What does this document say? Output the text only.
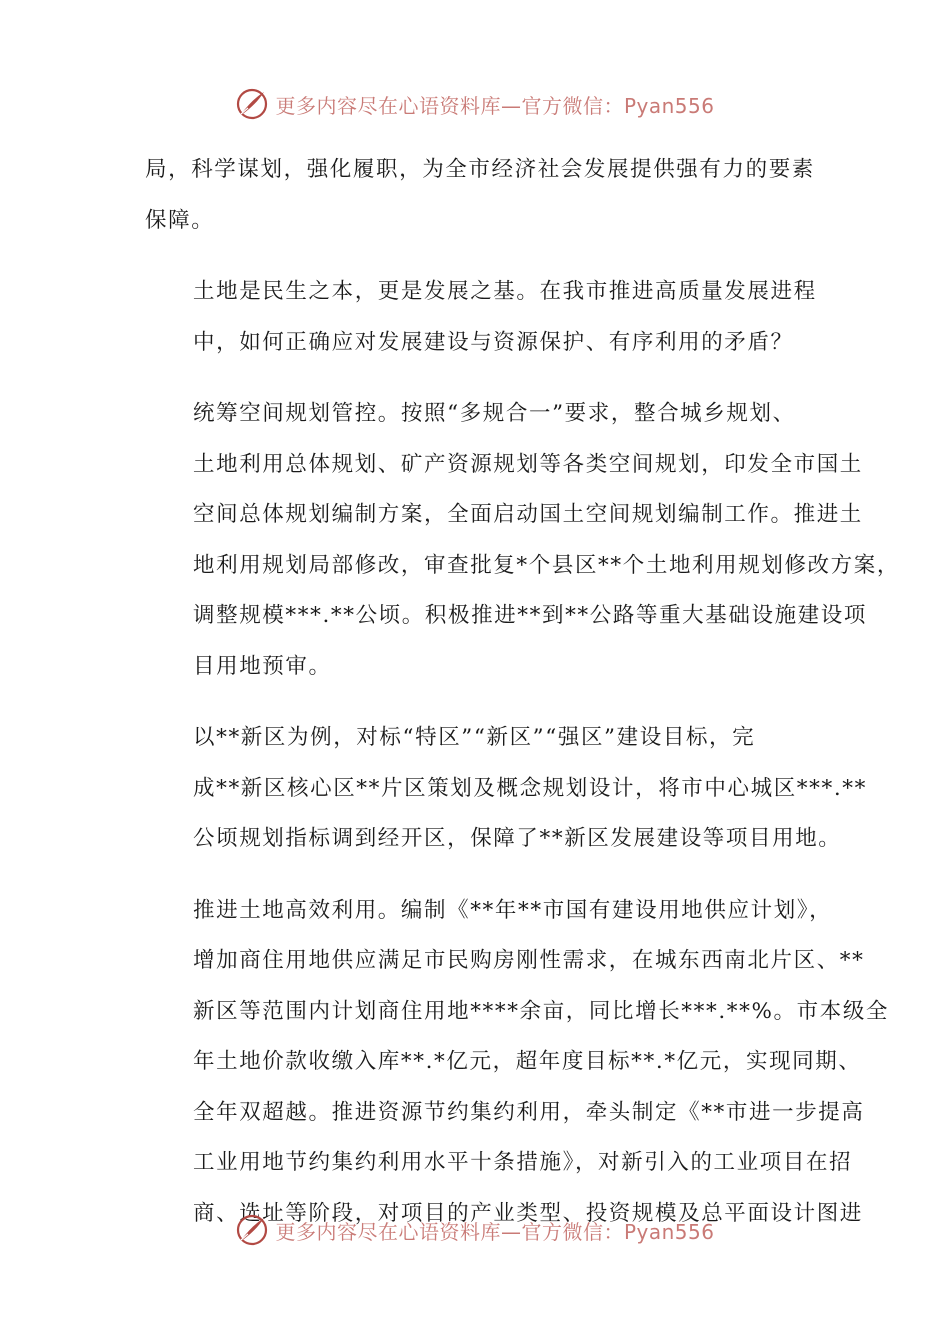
更多内容尽在心语资料库—官方微信：Pyan556

局，科学谋划，强化履职，为全市经济社会发展提供强有力的要素
保障。

土地是民生之本，更是发展之基。在我市推进高质量发展进程
中，如何正确应对发展建设与资源保护、有序利用的矛盾？

统筹空间规划管控。按照“多规合一”要求，整合城乡规划、
土地利用总体规划、矿产资源规划等各类空间规划，印发全市国土
空间总体规划编制方案，全面启动国土空间规划编制工作。推进土
地利用规划局部修改，审查批复*个县区**个土地利用规划修改方案，
调整规模***.**公顷。积极推进**到**公路等重大基础设施建设项
目用地预审。

以**新区为例，对标“特区”“新区”“强区”建设目标，完
成**新区核心区**片区策划及概念规划设计，将市中心城区***.**
公顷规划指标调到经开区，保障了**新区发展建设等项目用地。

推进土地高效利用。编制《**年**市国有建设用地供应计划》，
增加商住用地供应满足市民购房刚性需求，在城东西南北片区、**
新区等范围内计划商住用地****余亩，同比增长***.**%。市本级全
年土地价款收缴入库**.*亿元，超年度目标**.*亿元，实现同期、
全年双超越。推进资源节约集约利用，牵头制定《**市进一步提高
工业用地节约集约利用水平十条措施》，对新引入的工业项目在招
商、选址等阶段，对项目的产业类型、投资规模及总平面设计图进

更多内容尽在心语资料库—官方微信：Pyan556
